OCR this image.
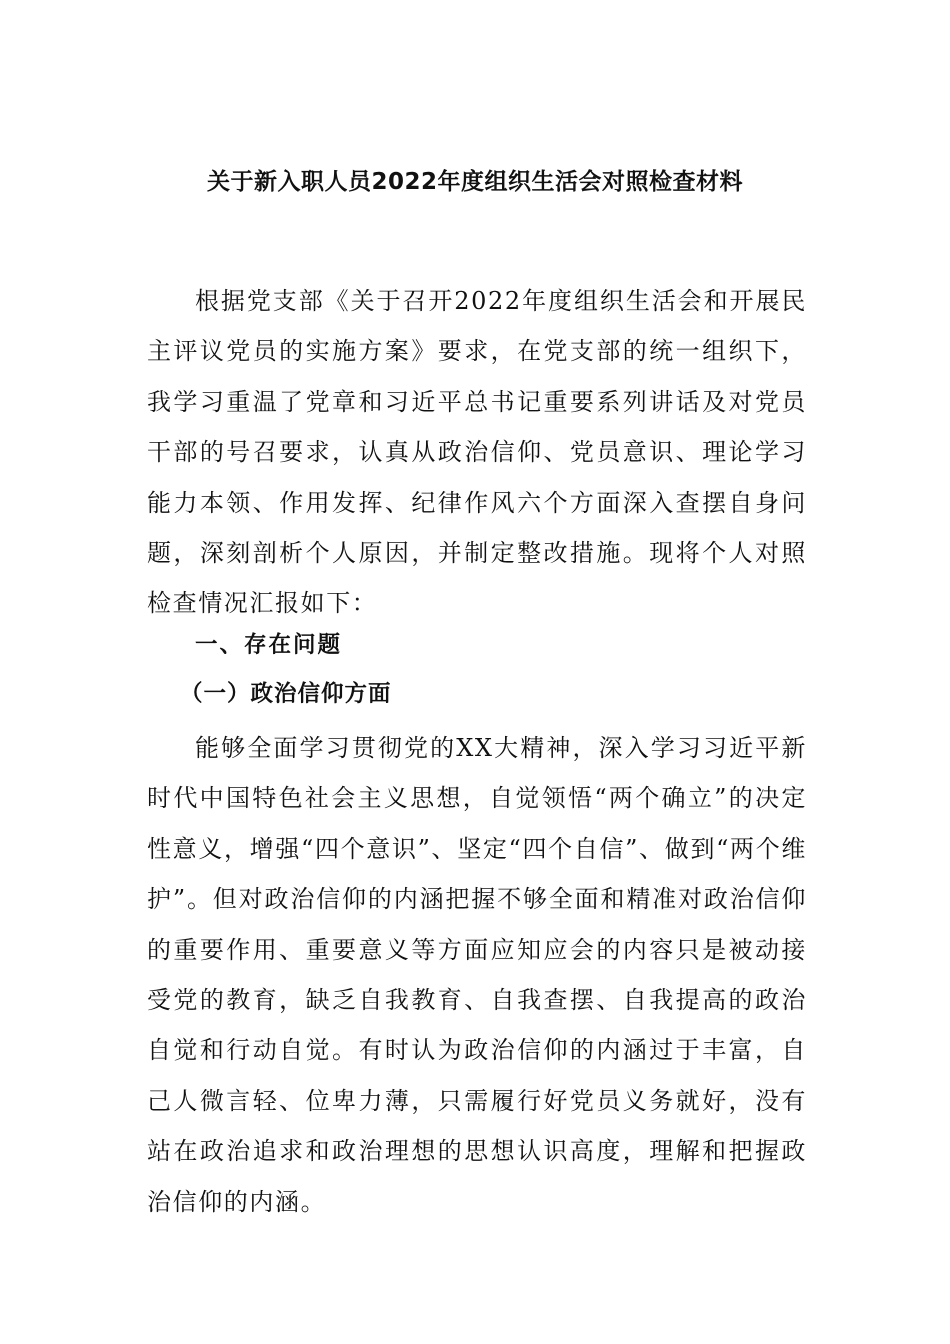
关于新入职人员2022年度组织生活会对照检查材料

根据党支部《关于召开2022年度组织生活会和开展民主评议党员的实施方案》要求，在党支部的统一组织下，我学习重温了党章和习近平总书记重要系列讲话及对党员干部的号召要求，认真从政治信仰、党员意识、理论学习能力本领、作用发挥、纪律作风六个方面深入查摆自身问题，深刻剖析个人原因，并制定整改措施。现将个人对照检查情况汇报如下：

一、存在问题

（一）政治信仰方面

能够全面学习贯彻党的XX大精神，深入学习习近平新时代中国特色社会主义思想，自觉领悟“两个确立”的决定性意义，增强“四个意识”、坚定“四个自信”、做到“两个维护”。但对政治信仰的内涵把握不够全面和精准对政治信仰的重要作用、重要意义等方面应知应会的内容只是被动接受党的教育，缺乏自我教育、自我查摆、自我提高的政治自觉和行动自觉。有时认为政治信仰的内涵过于丰富，自己人微言轻、位卑力薄，只需履行好党员义务就好，没有站在政治追求和政治理想的思想认识高度，理解和把握政治信仰的内涵。
